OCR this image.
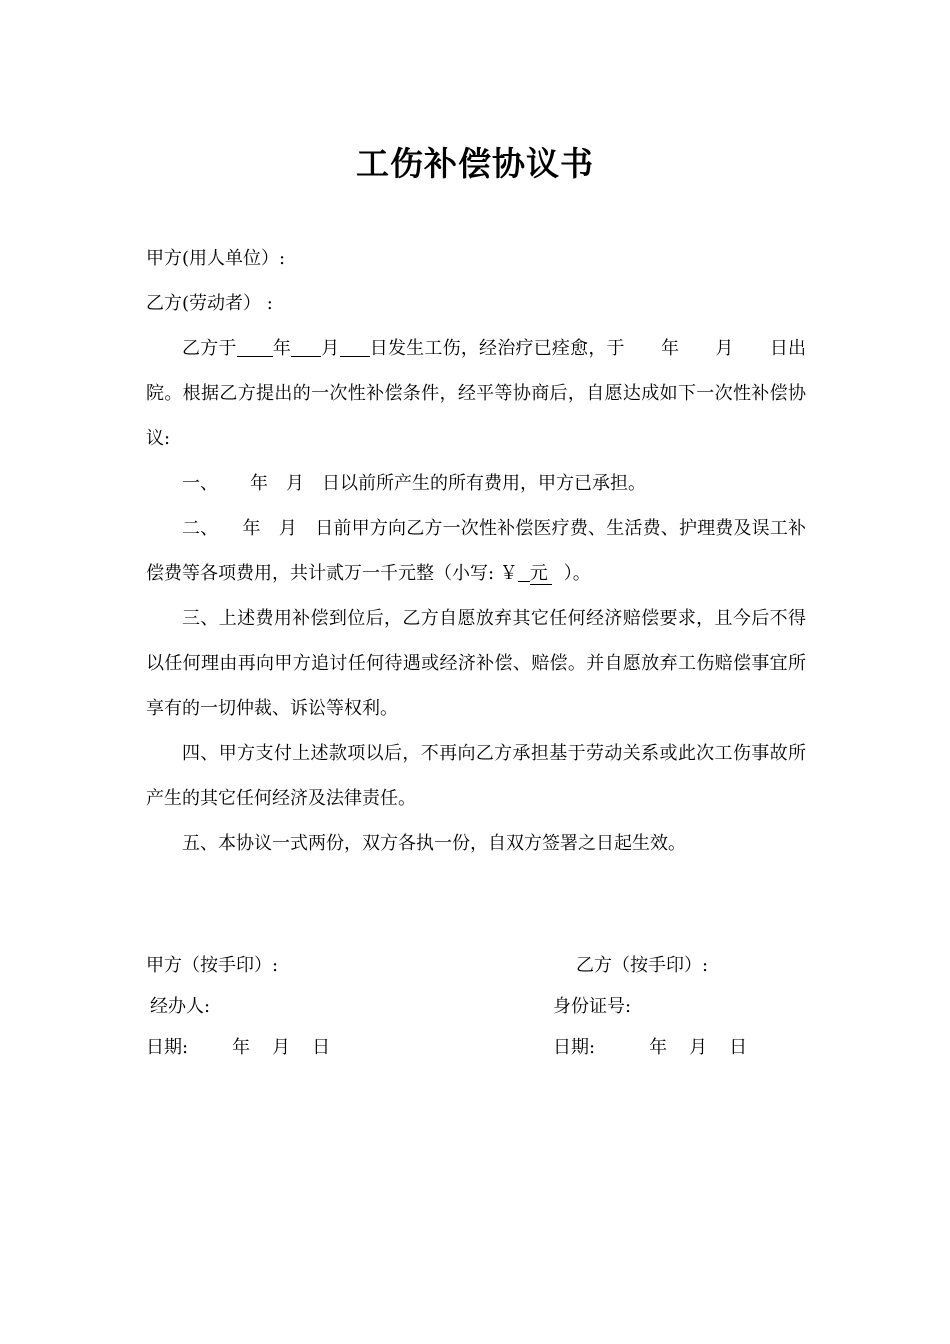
工伤补偿协议书

甲方(用人单位）:

乙方(劳动者） :

乙方于 年 月 日发生工伤，经治疗已痊愈，于 年 月 日出院。根据乙方提出的一次性补偿条件，经平等协商后，自愿达成如下一次性补偿协议:

一、 年 月 日以前所产生的所有费用，甲方已承担。

二、 年 月 日前甲方向乙方一次性补偿医疗费、生活费、护理费及误工补偿费等各项费用，共计贰万一千元整（小写: ￥ 元 ）。

三、上述费用补偿到位后，乙方自愿放弃其它任何经济赔偿要求，且今后不得以任何理由再向甲方追讨任何待遇或经济补偿、赔偿。并自愿放弃工伤赔偿事宜所享有的一切仲裁、诉讼等权利。

四、甲方支付上述款项以后，不再向乙方承担基于劳动关系或此次工伤事故所产生的其它任何经济及法律责任。

五、本协议一式两份，双方各执一份，自双方签署之日起生效。

甲方（按手印）:	乙方（按手印）:
经办人:	身份证号:
日期: 年 月 日	日期:	年 月 日
